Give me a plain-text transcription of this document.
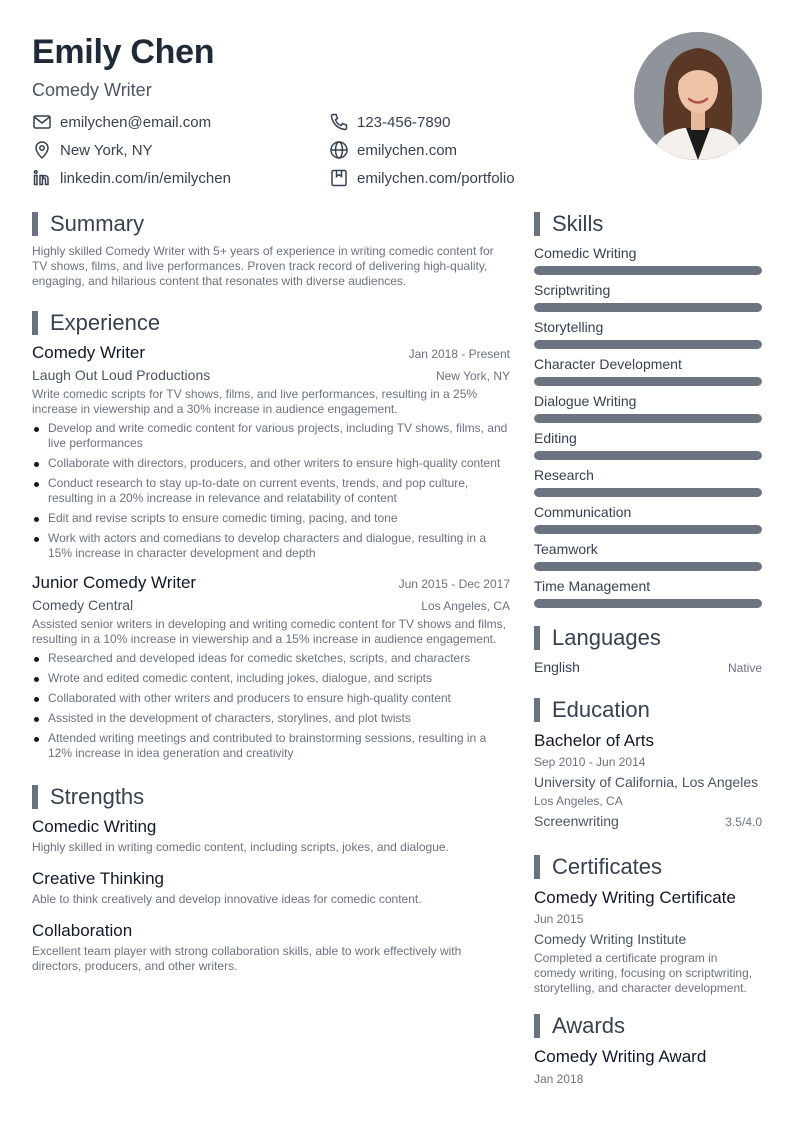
Emily Chen
Comedy Writer
emilychen@email.com	123-456-7890
New York, NY	emilychen.com
linkedin.com/in/emilychen	emilychen.com/portfolio
Summary

Highly skilled Comedy Writer with 5+ years of experience in writing comedic content for TV shows, films, and live performances. Proven track record of delivering high-quality, engaging, and hilarious content that resonates with diverse audiences.

Experience
Comedy Writer	Jan 2018 - Present
Laugh Out Loud Productions	New York, NY

Write comedic scripts for TV shows, films, and live performances, resulting in a 25% increase in viewership and a 30% increase in audience engagement.

Develop and write comedic content for various projects, including TV shows, films, and live performances
Collaborate with directors, producers, and other writers to ensure high-quality content
Conduct research to stay up-to-date on current events, trends, and pop culture, resulting in a 20% increase in relevance and relatability of content
Edit and revise scripts to ensure comedic timing, pacing, and tone
Work with actors and comedians to develop characters and dialogue, resulting in a 15% increase in character development and depth
Junior Comedy Writer	Jun 2015 - Dec 2017
Comedy Central	Los Angeles, CA

Assisted senior writers in developing and writing comedic content for TV shows and films, resulting in a 10% increase in viewership and a 15% increase in audience engagement.

Researched and developed ideas for comedic sketches, scripts, and characters
Wrote and edited comedic content, including jokes, dialogue, and scripts
Collaborated with other writers and producers to ensure high-quality content
Assisted in the development of characters, storylines, and plot twists
Attended writing meetings and contributed to brainstorming sessions, resulting in a 12% increase in idea generation and creativity
Strengths
Comedic Writing

Highly skilled in writing comedic content, including scripts, jokes, and dialogue.

Creative Thinking

Able to think creatively and develop innovative ideas for comedic content.

Collaboration

Excellent team player with strong collaboration skills, able to work effectively with directors, producers, and other writers.

Skills
Comedic Writing
Scriptwriting
Storytelling
Character Development
Dialogue Writing
Editing
Research
Communication
Teamwork
Time Management
Languages
English	Native
Education
Bachelor of Arts
Sep 2010 - Jun 2014
University of California, Los Angeles
Los Angeles, CA
Screenwriting	3.5/4.0
Certificates
Comedy Writing Certificate
Jun 2015
Comedy Writing Institute

Completed a certificate program in comedy writing, focusing on scriptwriting, storytelling, and character development.

Awards
Comedy Writing Award
Jan 2018
